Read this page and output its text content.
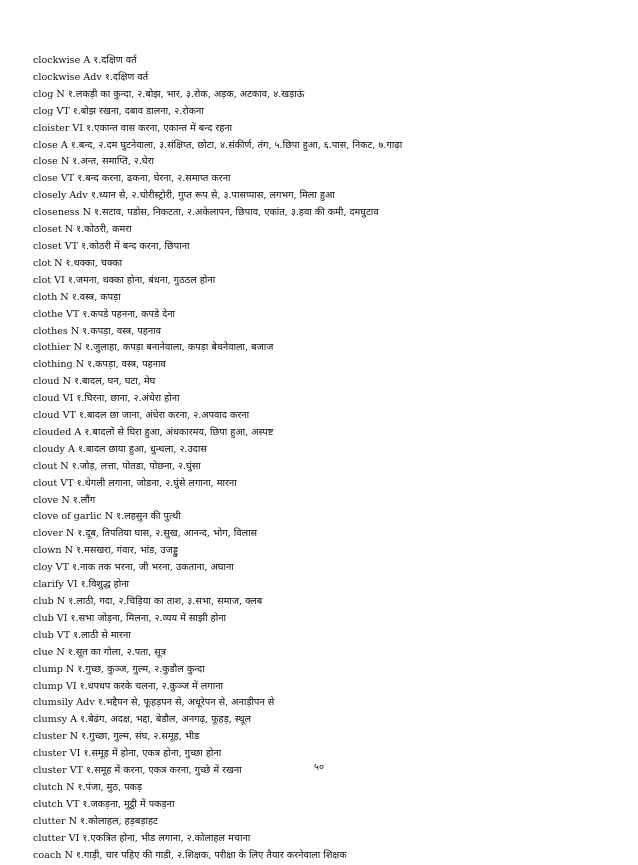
clockwise A १.दक्षिण वर्त
clockwise Adv १.दक्षिण वर्त
clog N १.लकड़ी का कुन्दा, २.बोझ, भार, ३.रोक, अड़क, अटकाव, ४.खड़ाऊं
clog VT १.बोझ रखना, दबाव डालना, २.रोकना
cloister VI १.एकान्त वास करना, एकान्त में बन्द रहना
close A १.बन्द, २.दम घुटनेवाला, ३.संक्षिप्त, छोटा, ४.संकीर्ण, तंग, ५.छिपा हुआ, ६.पास, निकट, ७.गाढ़ा
close N १.अन्त, समाप्ति, २.घेरा
close VT १.बन्द करना, ढकना, घेरना, २.समाप्त करना
closely Adv १.ध्यान से, २.चोरीस्ट्रोरी, गुप्त रूप से, ३.पासप्पास, लगभग, मिला हुआ
closeness N १.सटाव, पडोस, निकटता, २.अकेलापन, छिपाव, एकांत, ३.हवा की कमी, दमघुटाव
closet N १.कोठरी, कमरा
closet VT १.कोठरी में बन्द करना, छिपाना
clot N १.थक्का, चक्का
clot VI १.जमना, थक्का होना, बंधना, गुठठल होना
cloth N १.वस्त्र, कपड़ा
clothe VT १.कपडे पहनना, कपडे देना
clothes N १.कपड़ा, वस्त्र, पहनाव
clothier N १.जुलाहा, कपड़ा बनानेवाला, कपड़ा बेचनेवाला, बजाज
clothing N १.कपड़ा, वस्त्र, पहनाव
cloud N १.बादल, घन, घटा, मेघ
cloud VI १.घिरना, छाना, २.अंधेरा होना
cloud VT १.बादल छा जाना, अंधेरा करना, २.अपवाद करना
clouded A १.बादलों से घिरा हुआ, अंधकारमय, छिपा हुआ, अस्पष्ट
cloudy A १.बादल छाया हुआ, धुन्धला, २.उदास
clout N १.जोड़, लत्ता, पोतडा, पोछना, २.घुंसा
clout VT १.थेगली लगाना, जोडना, २.घुंसे लगाना, मारना
clove N १.लौंग
clove of garlic N १.लहसुन की पुत्थी
clover N १.दूब, तिपतिया घास, २.सुख, आनन्द, भोग, विलास
clown N १.मसखरा, गंवार, भांड, उजड्डु
cloy VT १.नाक तक भरना, जी भरना, उकताना, अघाना
clarify VI १.विशुद्ध होना
club N १.लाठी, गदा, २.चिड़िया का ताश, ३.सभा, समाज, क्लब
club VI १.सभा जोड़ना, मिलना, २.व्यय में साझी होना
club VT १.लाठी से मारना
clue N १.सूत का गोला, २.पता, सूत्र
clump N १.गुच्छ, कुञ्ज, गुल्म, २.कुडौल कुन्दा
clump VI १.धपधप करके चलना, २.कुञ्ज में लगाना
clumsily Adv १.भद्दैपन से, फूहड़पन से, अधूरेपन से, अनाड़ीपन से
clumsy A १.बेढंग, अदक्ष, भद्दा, बेडौल, अनगढ़, फूहड़, स्थूल
cluster N १.गुच्छा, गुल्म, संघ, २.समूह, भीड
cluster VI १.समूह में होना, एकत्र होना, गुच्छा होना
cluster VT १.समूह में करना, एकत्र करना, गुच्छे में रखना
clutch N १.पंजा, मुठ, पकड़
clutch VT १.जकड़ना, मुट्ठी में पकड़ना
clutter N १.कोलाहल, हड़बड़ाहट
clutter VI १.एकत्रित होना, भीड लगाना, २.कोलाहल मचाना
coach N १.गाड़ी, चार पहिए की गाडी, २.शिक्षक, परीक्षा के लिए तैयार करनेवाला शिक्षक
५०
